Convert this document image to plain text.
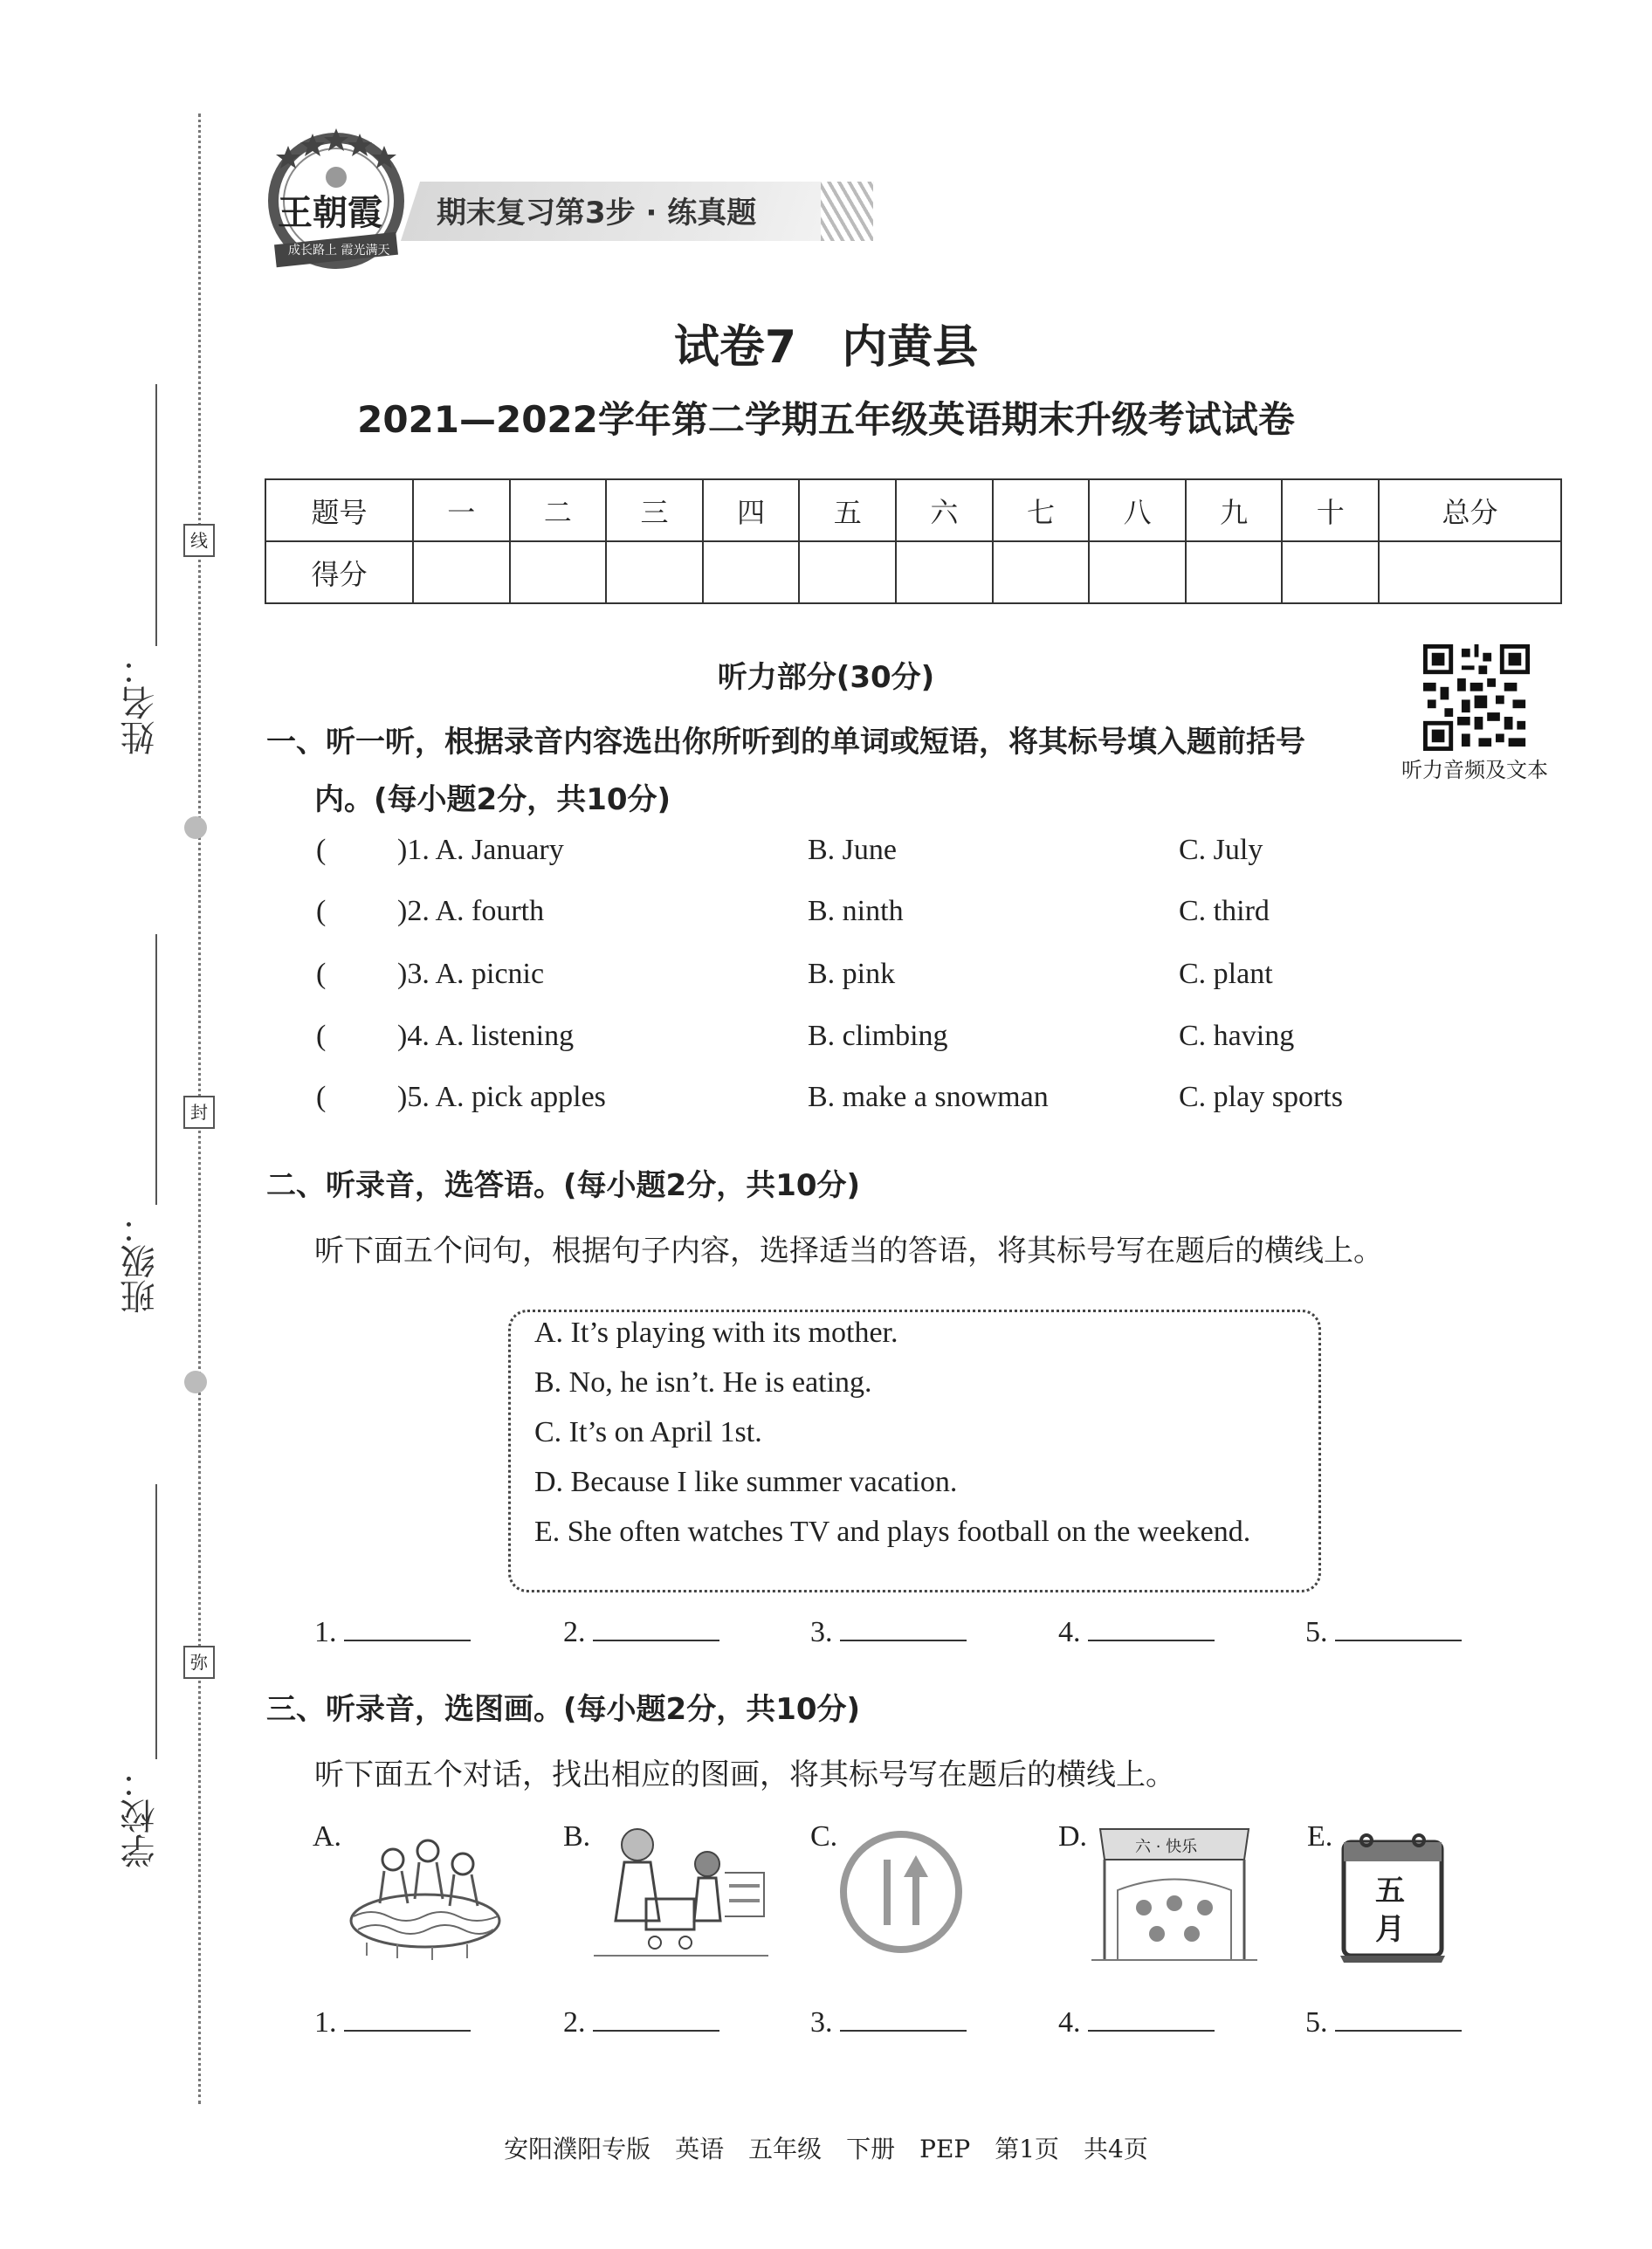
姓名：
班级：
学校：
线
封
弥
王朝霞
成长路上 霞光满天
期末复习第3步 · 练真题
试卷7　内黄县
2021—2022学年第二学期五年级英语期末升级考试试卷
题号	一	二	三	四	五	六	七	八	九	十	总分
得分											
听力音频及文本
听力部分(30分)
一、听一听，根据录音内容选出你所听到的单词或短语，将其标号填入题前括号
内。(每小题2分，共10分)
( )1. A. January	B. June	C. July
( )2. A. fourth	B. ninth	C. third
( )3. A. picnic	B. pink	C. plant
( )4. A. listening	B. climbing	C. having
( )5. A. pick apples	B. make a snowman	C. play sports
二、听录音，选答语。(每小题2分，共10分)
听下面五个问句，根据句子内容，选择适当的答语，将其标号写在题后的横线上。
A. It’s playing with its mother.
B. No, he isn’t. He is eating.
C. It’s on April 1st.
D. Because I like summer vacation.
E. She often watches TV and plays football on the weekend.
1.	2.	3.	4.	5.
三、听录音，选图画。(每小题2分，共10分)
听下面五个对话，找出相应的图画，将其标号写在题后的横线上。
A.	B.	C.	D.	E.
六 · 快乐
五
月
1.	2.	3.	4.	5.
安阳濮阳专版　英语　五年级　下册　PEP　第1页　共4页
